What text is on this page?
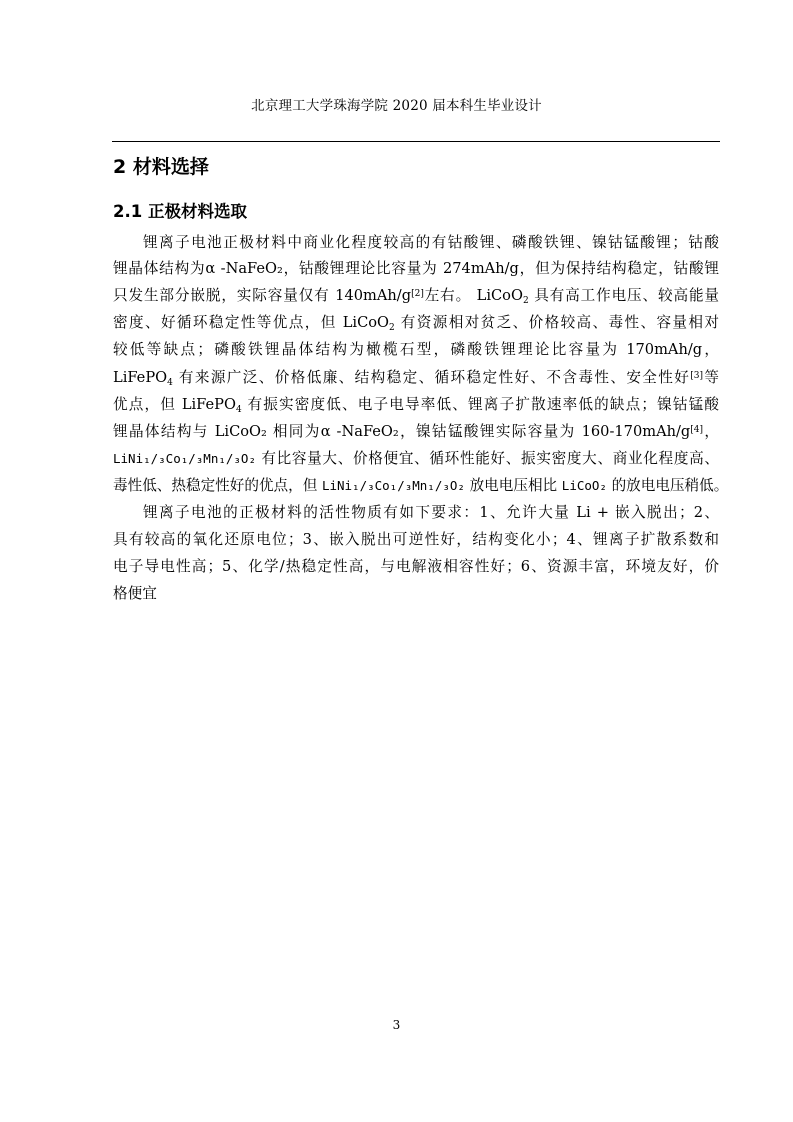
北京理工大学珠海学院 2020 届本科生毕业设计
2 材料选择
2.1 正极材料选取
锂离子电池正极材料中商业化程度较高的有钴酸锂、磷酸铁锂、镍钴锰酸锂；钴酸
锂晶体结构为α -NaFeO₂，钴酸锂理论比容量为 274mAh/g，但为保持结构稳定，钴酸锂
只发生部分嵌脱，实际容量仅有 140mAh/g[2]左右。 LiCoO$_2$ 具有高工作电压、较高能量
密度、好循环稳定性等优点，但 LiCoO$_2$ 有资源相对贫乏、价格较高、毒性、容量相对
较低等缺点；磷酸铁锂晶体结构为橄榄石型，磷酸铁锂理论比容量为 170mAh/g，
LiFePO$_4$ 有来源广泛、价格低廉、结构稳定、循环稳定性好、不含毒性、安全性好[3]等
优点，但 LiFePO$_4$ 有振实密度低、电子电导率低、锂离子扩散速率低的缺点；镍钴锰酸
锂晶体结构与 LiCoO₂ 相同为α -NaFeO₂，镍钴锰酸锂实际容量为 160-170mAh/g[4]，
LiNi₁/₃Co₁/₃Mn₁/₃O₂ 有比容量大、价格便宜、循环性能好、振实密度大、商业化程度高、
毒性低、热稳定性好的优点，但 LiNi₁/₃Co₁/₃Mn₁/₃O₂ 放电电压相比 LiCoO₂ 的放电电压稍低。
锂离子电池的正极材料的活性物质有如下要求：1、允许大量 Li + 嵌入脱出；2、
具有较高的氧化还原电位；3、嵌入脱出可逆性好，结构变化小；4、锂离子扩散系数和
电子导电性高；5、化学/热稳定性高，与电解液相容性好；6、资源丰富，环境友好，价
格便宜
3
